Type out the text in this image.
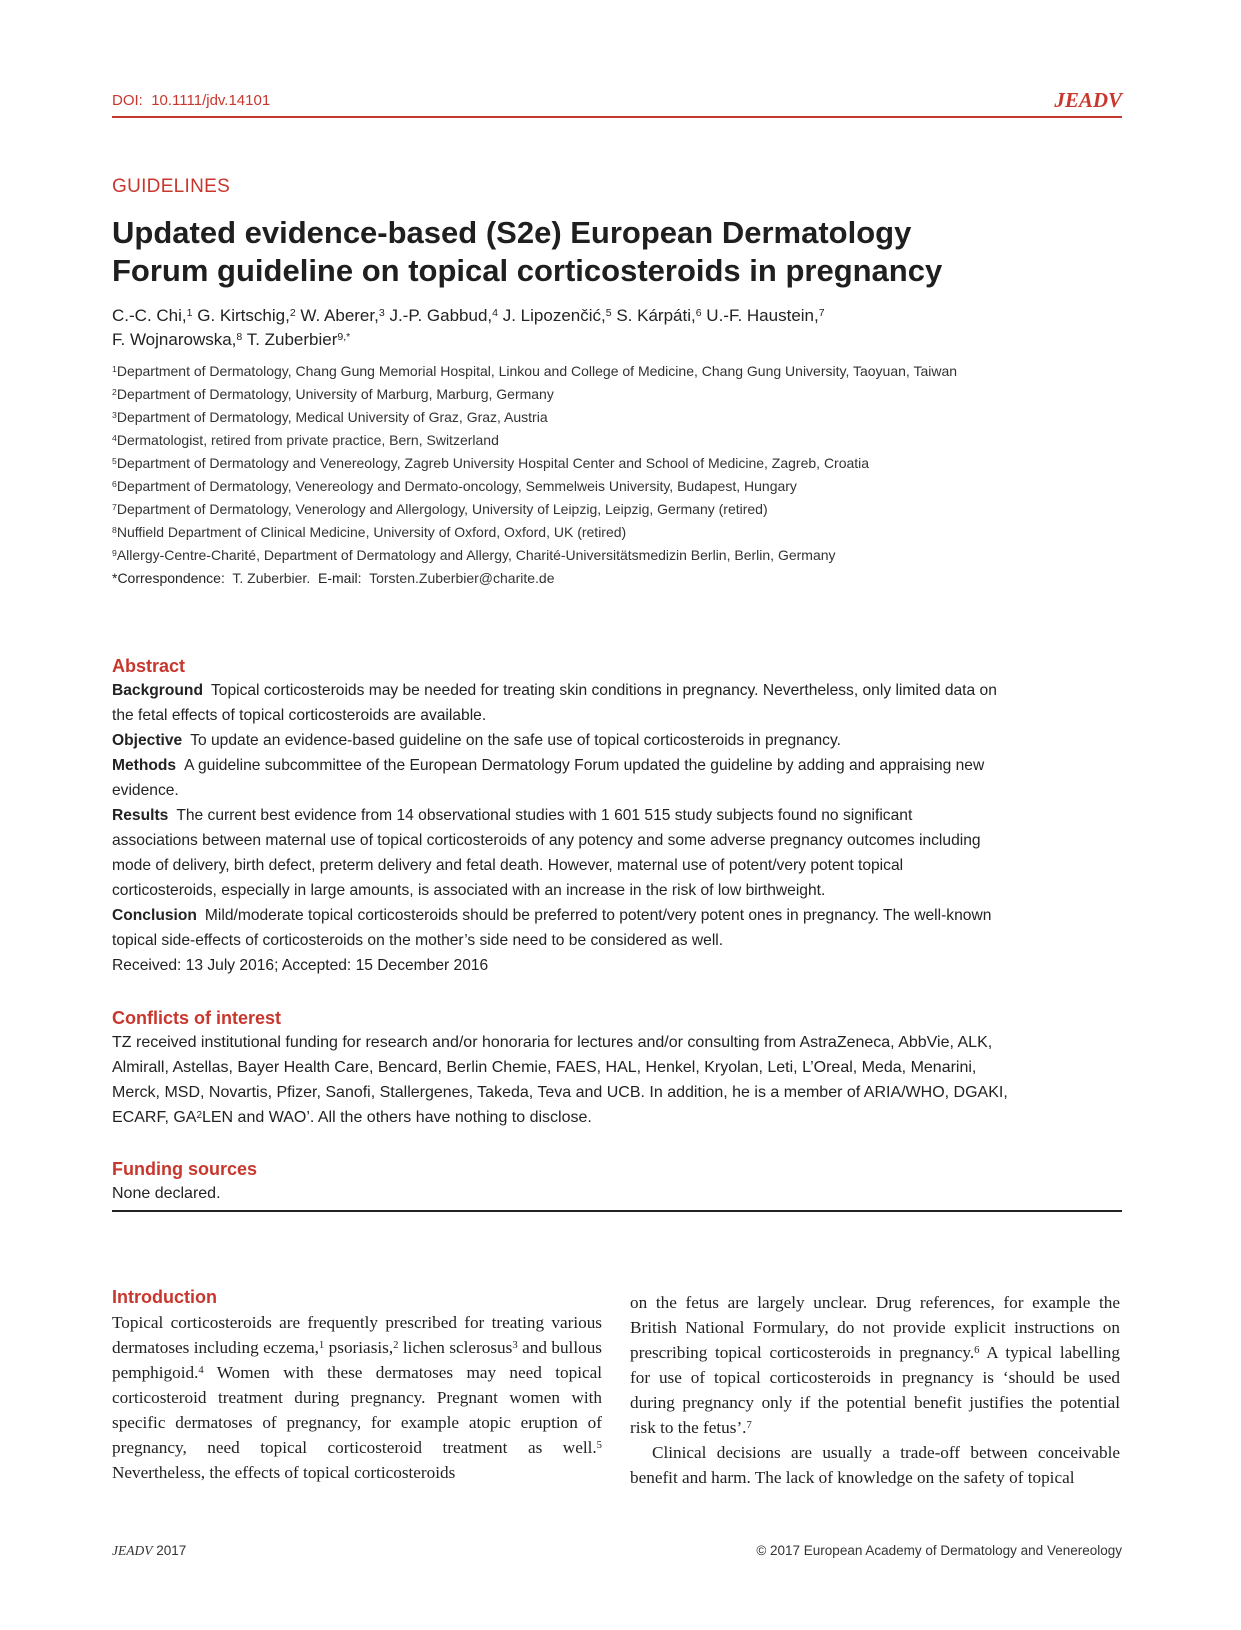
DOI: 10.1111/jdv.14101	JEADV
GUIDELINES
Updated evidence-based (S2e) European Dermatology
Forum guideline on topical corticosteroids in pregnancy
C.-C. Chi,$^1$ G. Kirtschig,$^2$ W. Aberer,$^3$ J.-P. Gabbud,$^4$ J. Lipozenčić,$^5$ S. Kárpáti,$^6$ U.-F. Haustein,$^7$
F. Wojnarowska,$^8$ T. Zuberbier$^{9,*}$
$^1$Department of Dermatology, Chang Gung Memorial Hospital, Linkou and College of Medicine, Chang Gung University, Taoyuan, Taiwan
$^2$Department of Dermatology, University of Marburg, Marburg, Germany
$^3$Department of Dermatology, Medical University of Graz, Graz, Austria
$^4$Dermatologist, retired from private practice, Bern, Switzerland
$^5$Department of Dermatology and Venereology, Zagreb University Hospital Center and School of Medicine, Zagreb, Croatia
$^6$Department of Dermatology, Venereology and Dermato-oncology, Semmelweis University, Budapest, Hungary
$^7$Department of Dermatology, Venerology and Allergology, University of Leipzig, Leipzig, Germany (retired)
$^8$Nuffield Department of Clinical Medicine, University of Oxford, Oxford, UK (retired)
$^9$Allergy-Centre-Charité, Department of Dermatology and Allergy, Charité-Universitätsmedizin Berlin, Berlin, Germany
*Correspondence: T. Zuberbier. E-mail: Torsten.Zuberbier@charite.de
Abstract

Background Topical corticosteroids may be needed for treating skin conditions in pregnancy. Nevertheless, only limited data on the fetal effects of topical corticosteroids are available.

Objective To update an evidence-based guideline on the safe use of topical corticosteroids in pregnancy.

Methods A guideline subcommittee of the European Dermatology Forum updated the guideline by adding and appraising new evidence.

Results The current best evidence from 14 observational studies with 1 601 515 study subjects found no significant associations between maternal use of topical corticosteroids of any potency and some adverse pregnancy outcomes including mode of delivery, birth defect, preterm delivery and fetal death. However, maternal use of potent/very potent topical corticosteroids, especially in large amounts, is associated with an increase in the risk of low birthweight.

Conclusion Mild/moderate topical corticosteroids should be preferred to potent/very potent ones in pregnancy. The well-known topical side-effects of corticosteroids on the mother’s side need to be considered as well.

Received: 13 July 2016; Accepted: 15 December 2016

Conflicts of interest

TZ received institutional funding for research and/or honoraria for lectures and/or consulting from AstraZeneca, AbbVie, ALK, Almirall, Astellas, Bayer Health Care, Bencard, Berlin Chemie, FAES, HAL, Henkel, Kryolan, Leti, L’Oreal, Meda, Menarini, Merck, MSD, Novartis, Pfizer, Sanofi, Stallergenes, Takeda, Teva and UCB. In addition, he is a member of ARIA/WHO, DGAKI, ECARF, $GA^2LEN$ and WAO’. All the others have nothing to disclose.

Funding sources

None declared.

Introduction

Topical corticosteroids are frequently prescribed for treating various dermatoses including eczema,$^1$ psoriasis,$^2$ lichen sclerosus$^3$ and bullous pemphigoid.$^4$ Women with these dermatoses may need topical corticosteroid treatment during pregnancy. Pregnant women with specific dermatoses of pregnancy, for example atopic eruption of pregnancy, need topical corticosteroid treatment as well.$^5$ Nevertheless, the effects of topical corticosteroids

on the fetus are largely unclear. Drug references, for example the British National Formulary, do not provide explicit instructions on prescribing topical corticosteroids in pregnancy.$^6$ A typical labelling for use of topical corticosteroids in pregnancy is ‘should be used during pregnancy only if the potential benefit justifies the potential risk to the fetus’.$^7$

Clinical decisions are usually a trade-off between conceivable benefit and harm. The lack of knowledge on the safety of topical

JEADV 2017	© 2017 European Academy of Dermatology and Venereology
